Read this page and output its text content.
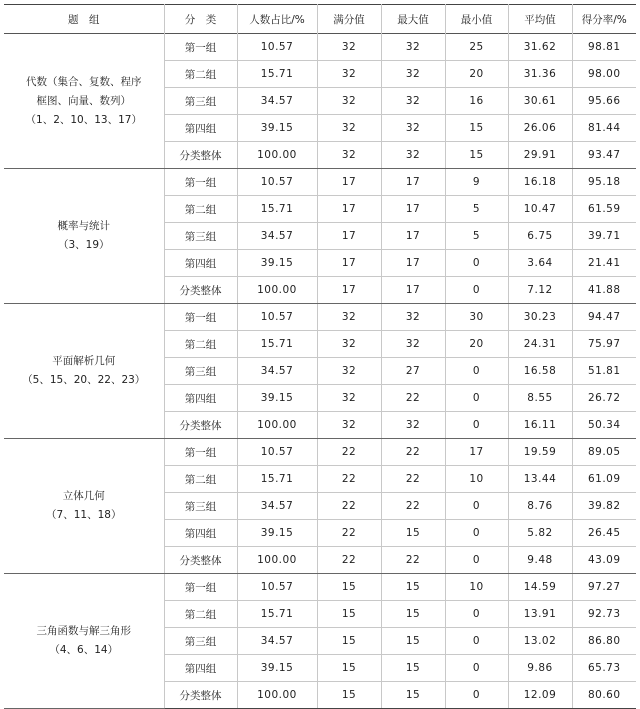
题　组	分　类	人数占比/%	满分值	最大值	最小值	平均值	得分率/%

代数（集合、复数、程序
框图、向量、数列）
（1、2、10、13、17）	第一组	10.57	32	32	25	31.62	98.81
	第二组	15.71	32	32	20	31.36	98.00
	第三组	34.57	32	32	16	30.61	95.66
	第四组	39.15	32	32	15	26.06	81.44
	分类整体	100.00	32	32	15	29.91	93.47

概率与统计
（3、19）	第一组	10.57	17	17	9	16.18	95.18
	第二组	15.71	17	17	5	10.47	61.59
	第三组	34.57	17	17	5	6.75	39.71
	第四组	39.15	17	17	0	3.64	21.41
	分类整体	100.00	17	17	0	7.12	41.88

平面解析几何
（5、15、20、22、23）	第一组	10.57	32	32	30	30.23	94.47
	第二组	15.71	32	32	20	24.31	75.97
	第三组	34.57	32	27	0	16.58	51.81
	第四组	39.15	32	22	0	8.55	26.72
	分类整体	100.00	32	32	0	16.11	50.34

立体几何
（7、11、18）	第一组	10.57	22	22	17	19.59	89.05
	第二组	15.71	22	22	10	13.44	61.09
	第三组	34.57	22	22	0	8.76	39.82
	第四组	39.15	22	15	0	5.82	26.45
	分类整体	100.00	22	22	0	9.48	43.09

三角函数与解三角形
（4、6、14）	第一组	10.57	15	15	10	14.59	97.27
	第二组	15.71	15	15	0	13.91	92.73
	第三组	34.57	15	15	0	13.02	86.80
	第四组	39.15	15	15	0	9.86	65.73
	分类整体	100.00	15	15	0	12.09	80.60
